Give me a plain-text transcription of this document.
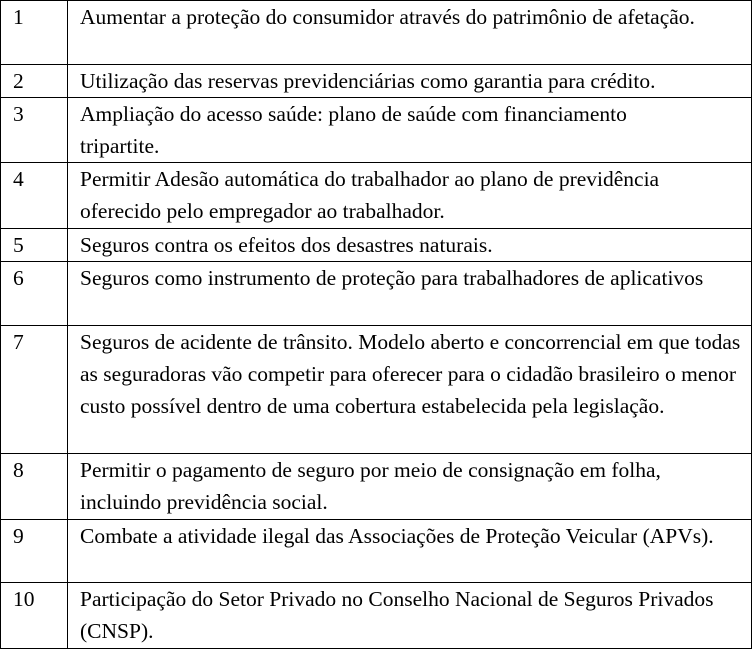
1	Aumentar a proteção do consumidor através do patrimônio de afetação.
2	Utilização das reservas previdenciárias como garantia para crédito.
3	Ampliação do acesso saúde: plano de saúde com financiamento tripartite.
4	Permitir Adesão automática do trabalhador ao plano de previdência oferecido pelo empregador ao trabalhador.
5	Seguros contra os efeitos dos desastres naturais.
6	Seguros como instrumento de proteção para trabalhadores de aplicativos
7	Seguros de acidente de trânsito. Modelo aberto e concorrencial em que todas as seguradoras vão competir para oferecer para o cidadão brasileiro o menor custo possível dentro de uma cobertura estabelecida pela legislação.
8	Permitir o pagamento de seguro por meio de consignação em folha, incluindo previdência social.
9	Combate a atividade ilegal das Associações de Proteção Veicular (APVs).
10	Participação do Setor Privado no Conselho Nacional de Seguros Privados (CNSP).
